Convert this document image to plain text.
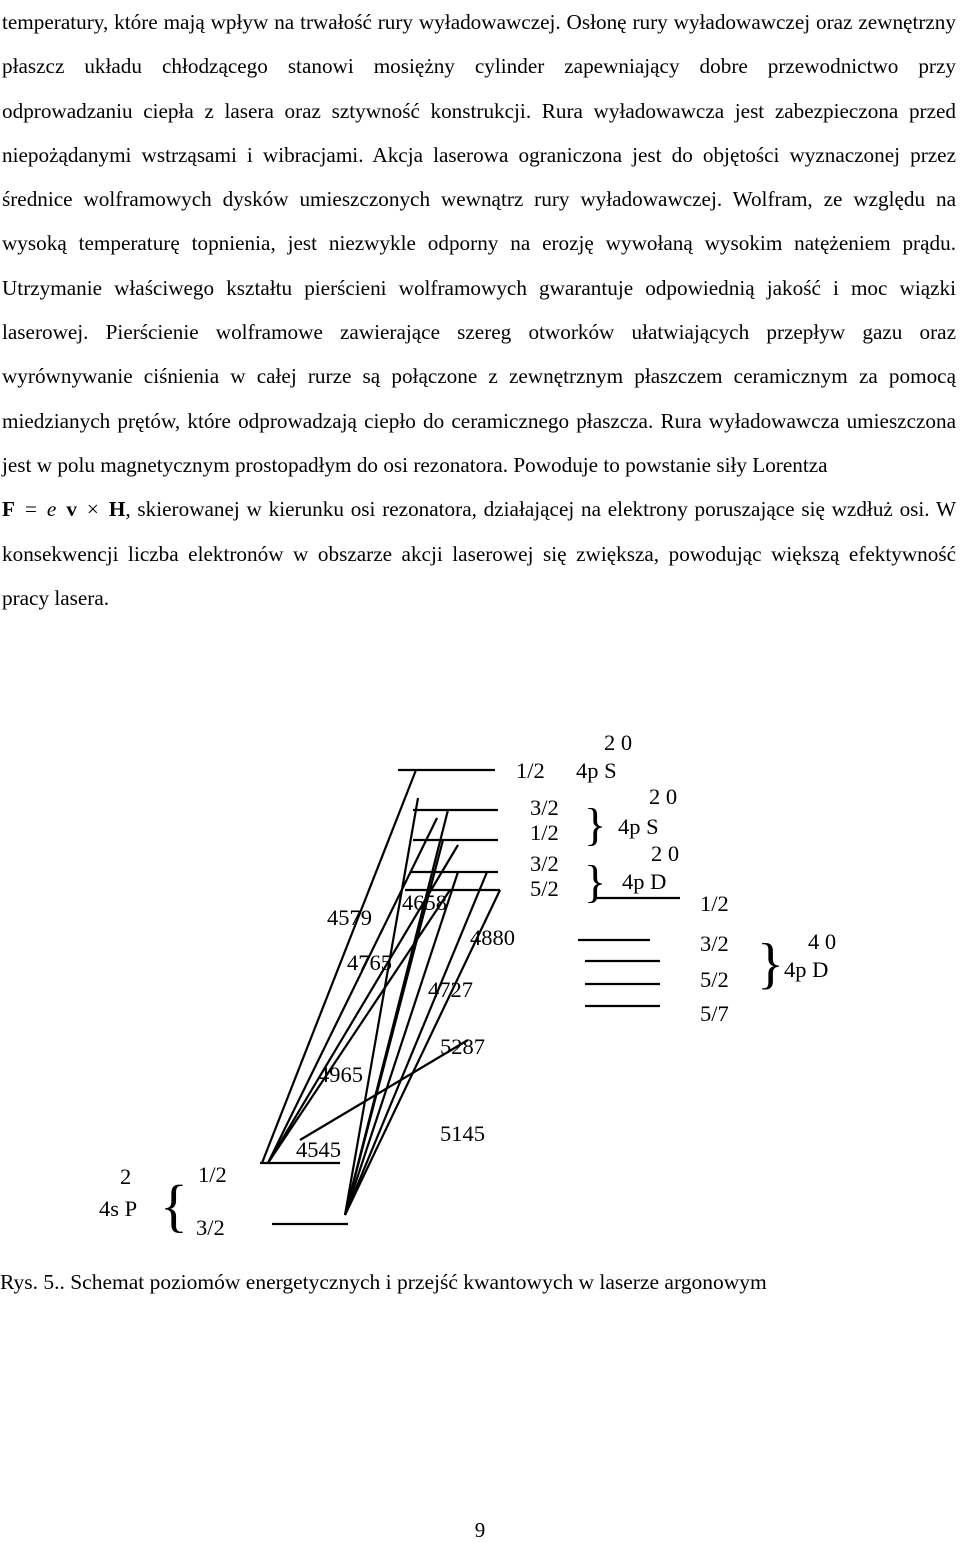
temperatury, które mają wpływ na trwałość rury wyładowawczej. Osłonę rury wyładowawczej oraz zewnętrzny płaszcz układu chłodzącego stanowi mosiężny cylinder zapewniający dobre przewodnictwo przy odprowadzaniu ciepła z lasera oraz sztywność konstrukcji. Rura wyładowawcza jest zabezpieczona przed niepożądanymi wstrząsami i wibracjami. Akcja laserowa ograniczona jest do objętości wyznaczonej przez średnice wolframowych dysków umieszczonych wewnątrz rury wyładowawczej. Wolfram, ze względu na wysoką temperaturę topnienia, jest niezwykle odporny na erozję wywołaną wysokim natężeniem prądu. Utrzymanie właściwego kształtu pierścieni wolframowych gwarantuje odpowiednią jakość i moc wiązki laserowej. Pierścienie wolframowe zawierające szereg otworków ułatwiających przepływ gazu oraz wyrównywanie ciśnienia w całej rurze są połączone z zewnętrznym płaszczem ceramicznym za pomocą miedzianych prętów, które odprowadzają ciepło do ceramicznego płaszcza. Rura wyładowawcza umieszczona jest w polu magnetycznym prostopadłym do osi rezonatora. Powoduje to powstanie siły Lorentza
F = e v × H, skierowanej w kierunku osi rezonatora, działającej na elektrony poruszające się wzdłuż osi. W konsekwencji liczba elektronów w obszarze akcji laserowej się zwiększa, powodując większą efektywność pracy lasera.

4579
4658
4880
4765
4727
5287
4965
4545
5145
2 0
1/2 4p S
2 0
3/2
1/2 } 4p S
2 0
3/2
5/2 } 4p D
1/2
3/2
5/2
5/7
} 4 0
4p D
2
4s P { 1/2
3/2

Rys. 5.. Schemat poziomów energetycznych i przejść kwantowych w laserze argonowym

9
